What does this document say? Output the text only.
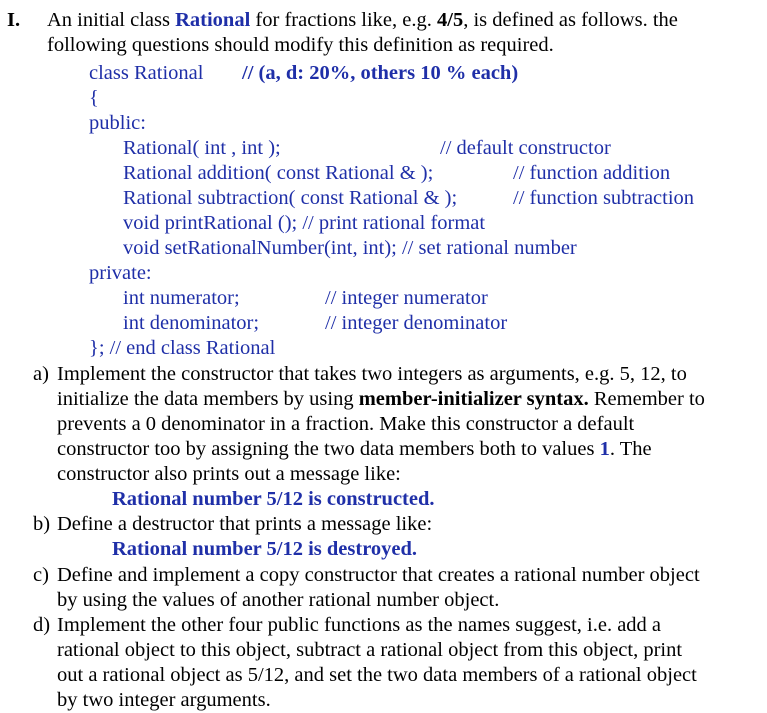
I. An initial class Rational for fractions like, e.g. 4/5, is defined as follows. the
following questions should modify this definition as required.
class Rational // (a, d: 20%, others 10 % each)
{
public:
Rational( int , int );	// default constructor
Rational addition( const Rational & );	// function addition
Rational subtraction( const Rational & );	// function subtraction
void printRational (); // print rational format
void setRationalNumber(int, int); // set rational number
private:
int numerator;	// integer numerator
int denominator;	// integer denominator
}; // end class Rational
a) Implement the constructor that takes two integers as arguments, e.g. 5, 12, to
initialize the data members by using member-initializer syntax. Remember to
prevents a 0 denominator in a fraction. Make this constructor a default
constructor too by assigning the two data members both to values 1. The
constructor also prints out a message like:
Rational number 5/12 is constructed.
b) Define a destructor that prints a message like:
Rational number 5/12 is destroyed.
c) Define and implement a copy constructor that creates a rational number object
by using the values of another rational number object.
d) Implement the other four public functions as the names suggest, i.e. add a
rational object to this object, subtract a rational object from this object, print
out a rational object as 5/12, and set the two data members of a rational object
by two integer arguments.
